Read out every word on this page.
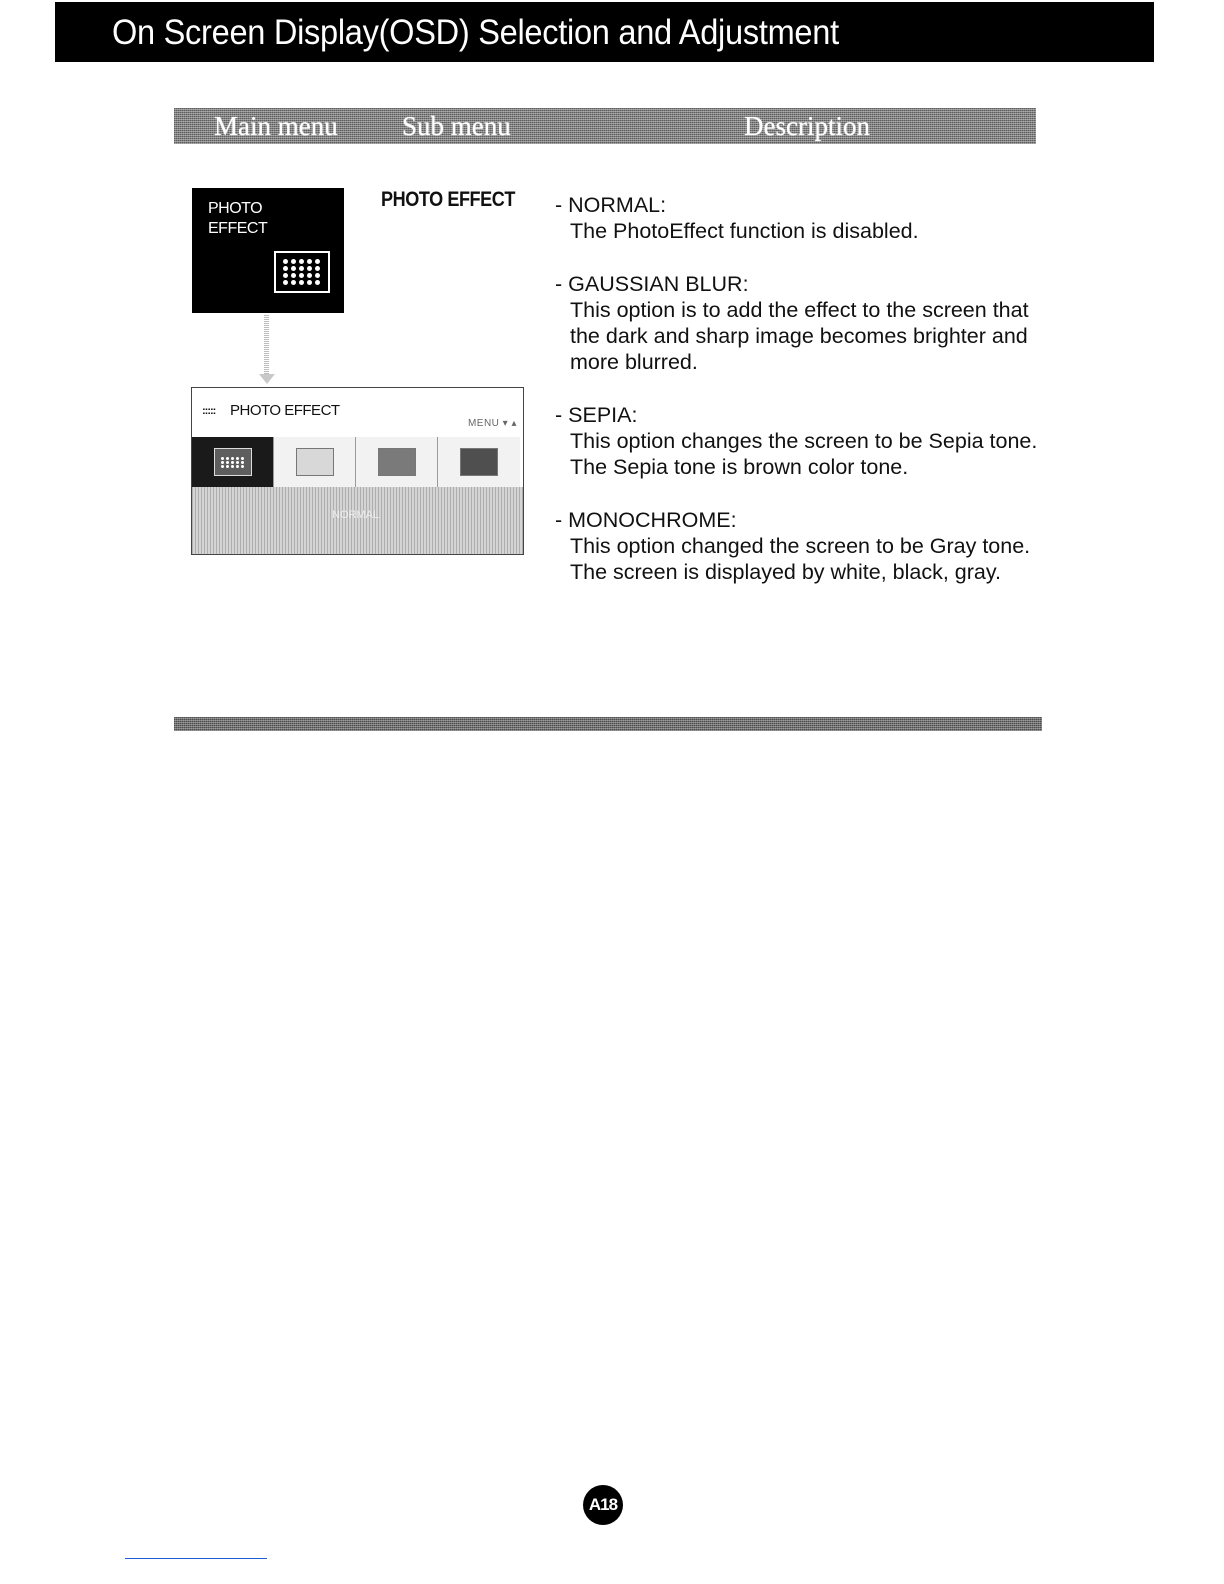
On Screen Display(OSD) Selection and Adjustment
Main menu Sub menu	Description
PHOTO
EFFECT
::::: PHOTO EFFECT
MENU ▾ ▴
NORMAL
PHOTO EFFECT - NORMAL:
The PhotoEffect function is disabled.
- GAUSSIAN BLUR:
This option is to add the effect to the screen that the dark and sharp image becomes brighter and more blurred.
- SEPIA:
This option changes the screen to be Sepia tone. The Sepia tone is brown color tone.
- MONOCHROME:
This option changed the screen to be Gray tone. The screen is displayed by white, black, gray.
A18
